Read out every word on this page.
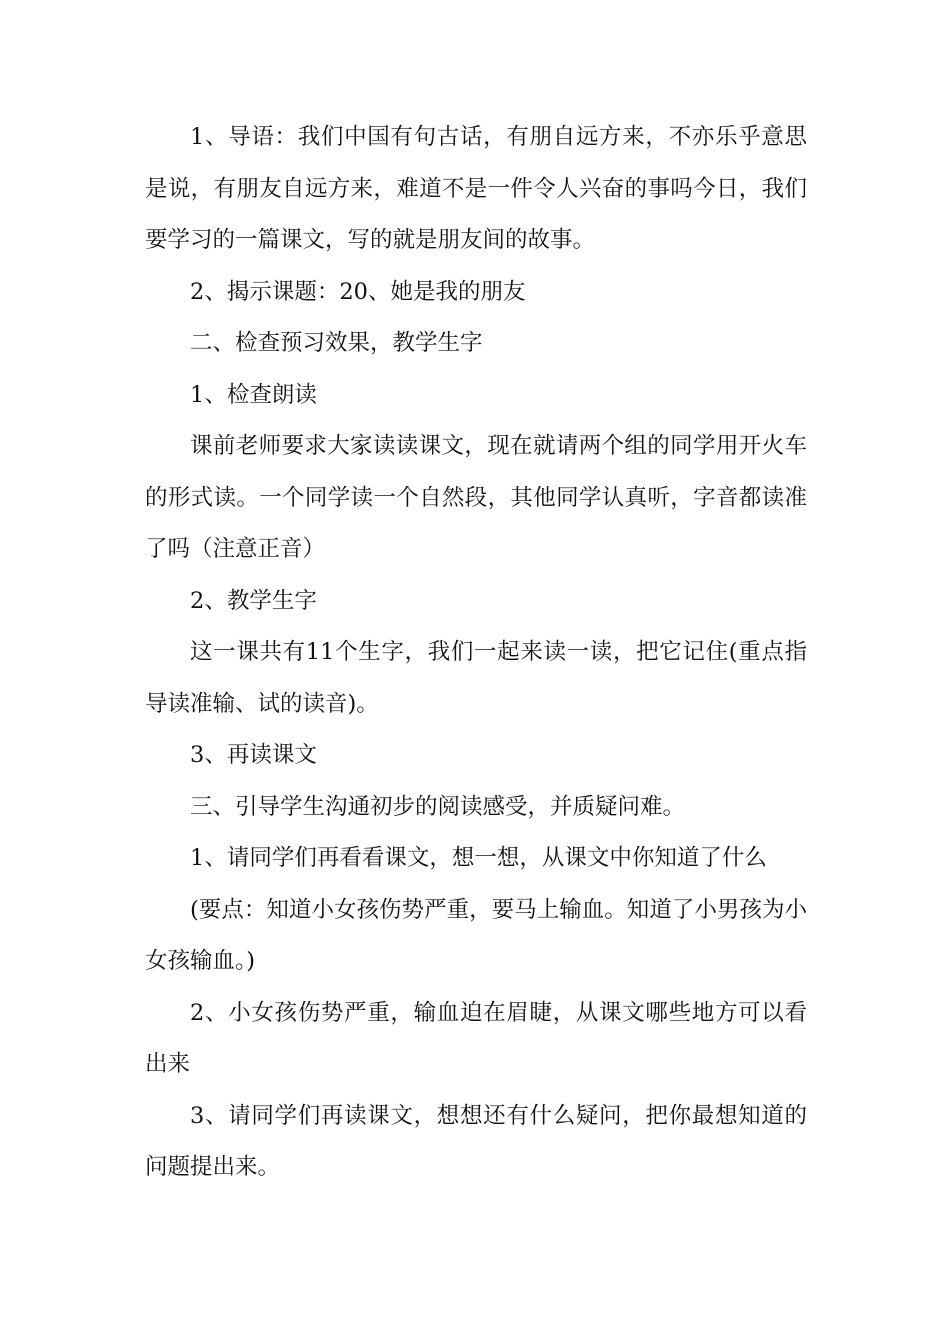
1、导语：我们中国有句古话，有朋自远方来，不亦乐乎意思是说，有朋友自远方来，难道不是一件令人兴奋的事吗今日，我们要学习的一篇课文，写的就是朋友间的故事。

2、揭示课题：20、她是我的朋友

二、检查预习效果，教学生字

1、检查朗读

课前老师要求大家读读课文，现在就请两个组的同学用开火车的形式读。一个同学读一个自然段，其他同学认真听，字音都读准了吗（注意正音）

2、教学生字

这一课共有11个生字，我们一起来读一读，把它记住(重点指导读准输、试的读音)。

3、再读课文

三、引导学生沟通初步的阅读感受，并质疑问难。

1、请同学们再看看课文，想一想，从课文中你知道了什么

(要点：知道小女孩伤势严重，要马上输血。知道了小男孩为小女孩输血。)

2、小女孩伤势严重，输血迫在眉睫，从课文哪些地方可以看出来

3、请同学们再读课文，想想还有什么疑问，把你最想知道的问题提出来。
